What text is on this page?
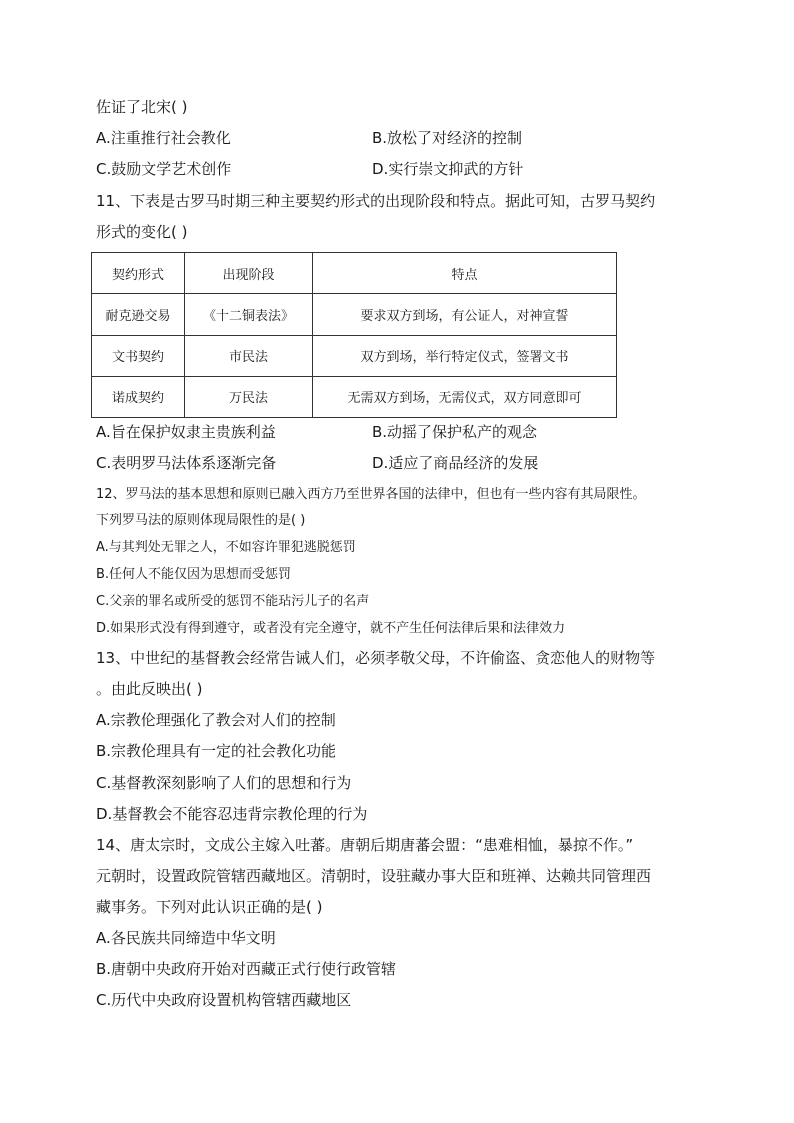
佐证了北宋( )
A.注重推行社会教化	B.放松了对经济的控制
C.鼓励文学艺术创作	D.实行崇文抑武的方针
11、下表是古罗马时期三种主要契约形式的出现阶段和特点。据此可知，古罗马契约
形式的变化( )
契约形式	出现阶段	特点
耐克逊交易	《十二铜表法》	要求双方到场，有公证人，对神宣誓
文书契约	市民法	双方到场，举行特定仪式，签署文书
诺成契约	万民法	无需双方到场，无需仪式，双方同意即可
A.旨在保护奴隶主贵族利益	B.动摇了保护私产的观念
C.表明罗马法体系逐渐完备	D.适应了商品经济的发展
12、罗马法的基本思想和原则已融入西方乃至世界各国的法律中，但也有一些内容有其局限性。
下列罗马法的原则体现局限性的是( )
A.与其判处无罪之人，不如容许罪犯逃脱惩罚
B.任何人不能仅因为思想而受惩罚
C.父亲的罪名或所受的惩罚不能玷污儿子的名声
D.如果形式没有得到遵守，或者没有完全遵守，就不产生任何法律后果和法律效力
13、中世纪的基督教会经常告诫人们，必须孝敬父母，不许偷盗、贪恋他人的财物等
。由此反映出( )
A.宗教伦理强化了教会对人们的控制
B.宗教伦理具有一定的社会教化功能
C.基督教深刻影响了人们的思想和行为
D.基督教会不能容忍违背宗教伦理的行为
14、唐太宗时，文成公主嫁入吐蕃。唐朝后期唐蕃会盟：“患难相恤，暴掠不作。”
元朝时，设置政院管辖西藏地区。清朝时，设驻藏办事大臣和班禅、达赖共同管理西
藏事务。下列对此认识正确的是( )
A.各民族共同缔造中华文明
B.唐朝中央政府开始对西藏正式行使行政管辖
C.历代中央政府设置机构管辖西藏地区
